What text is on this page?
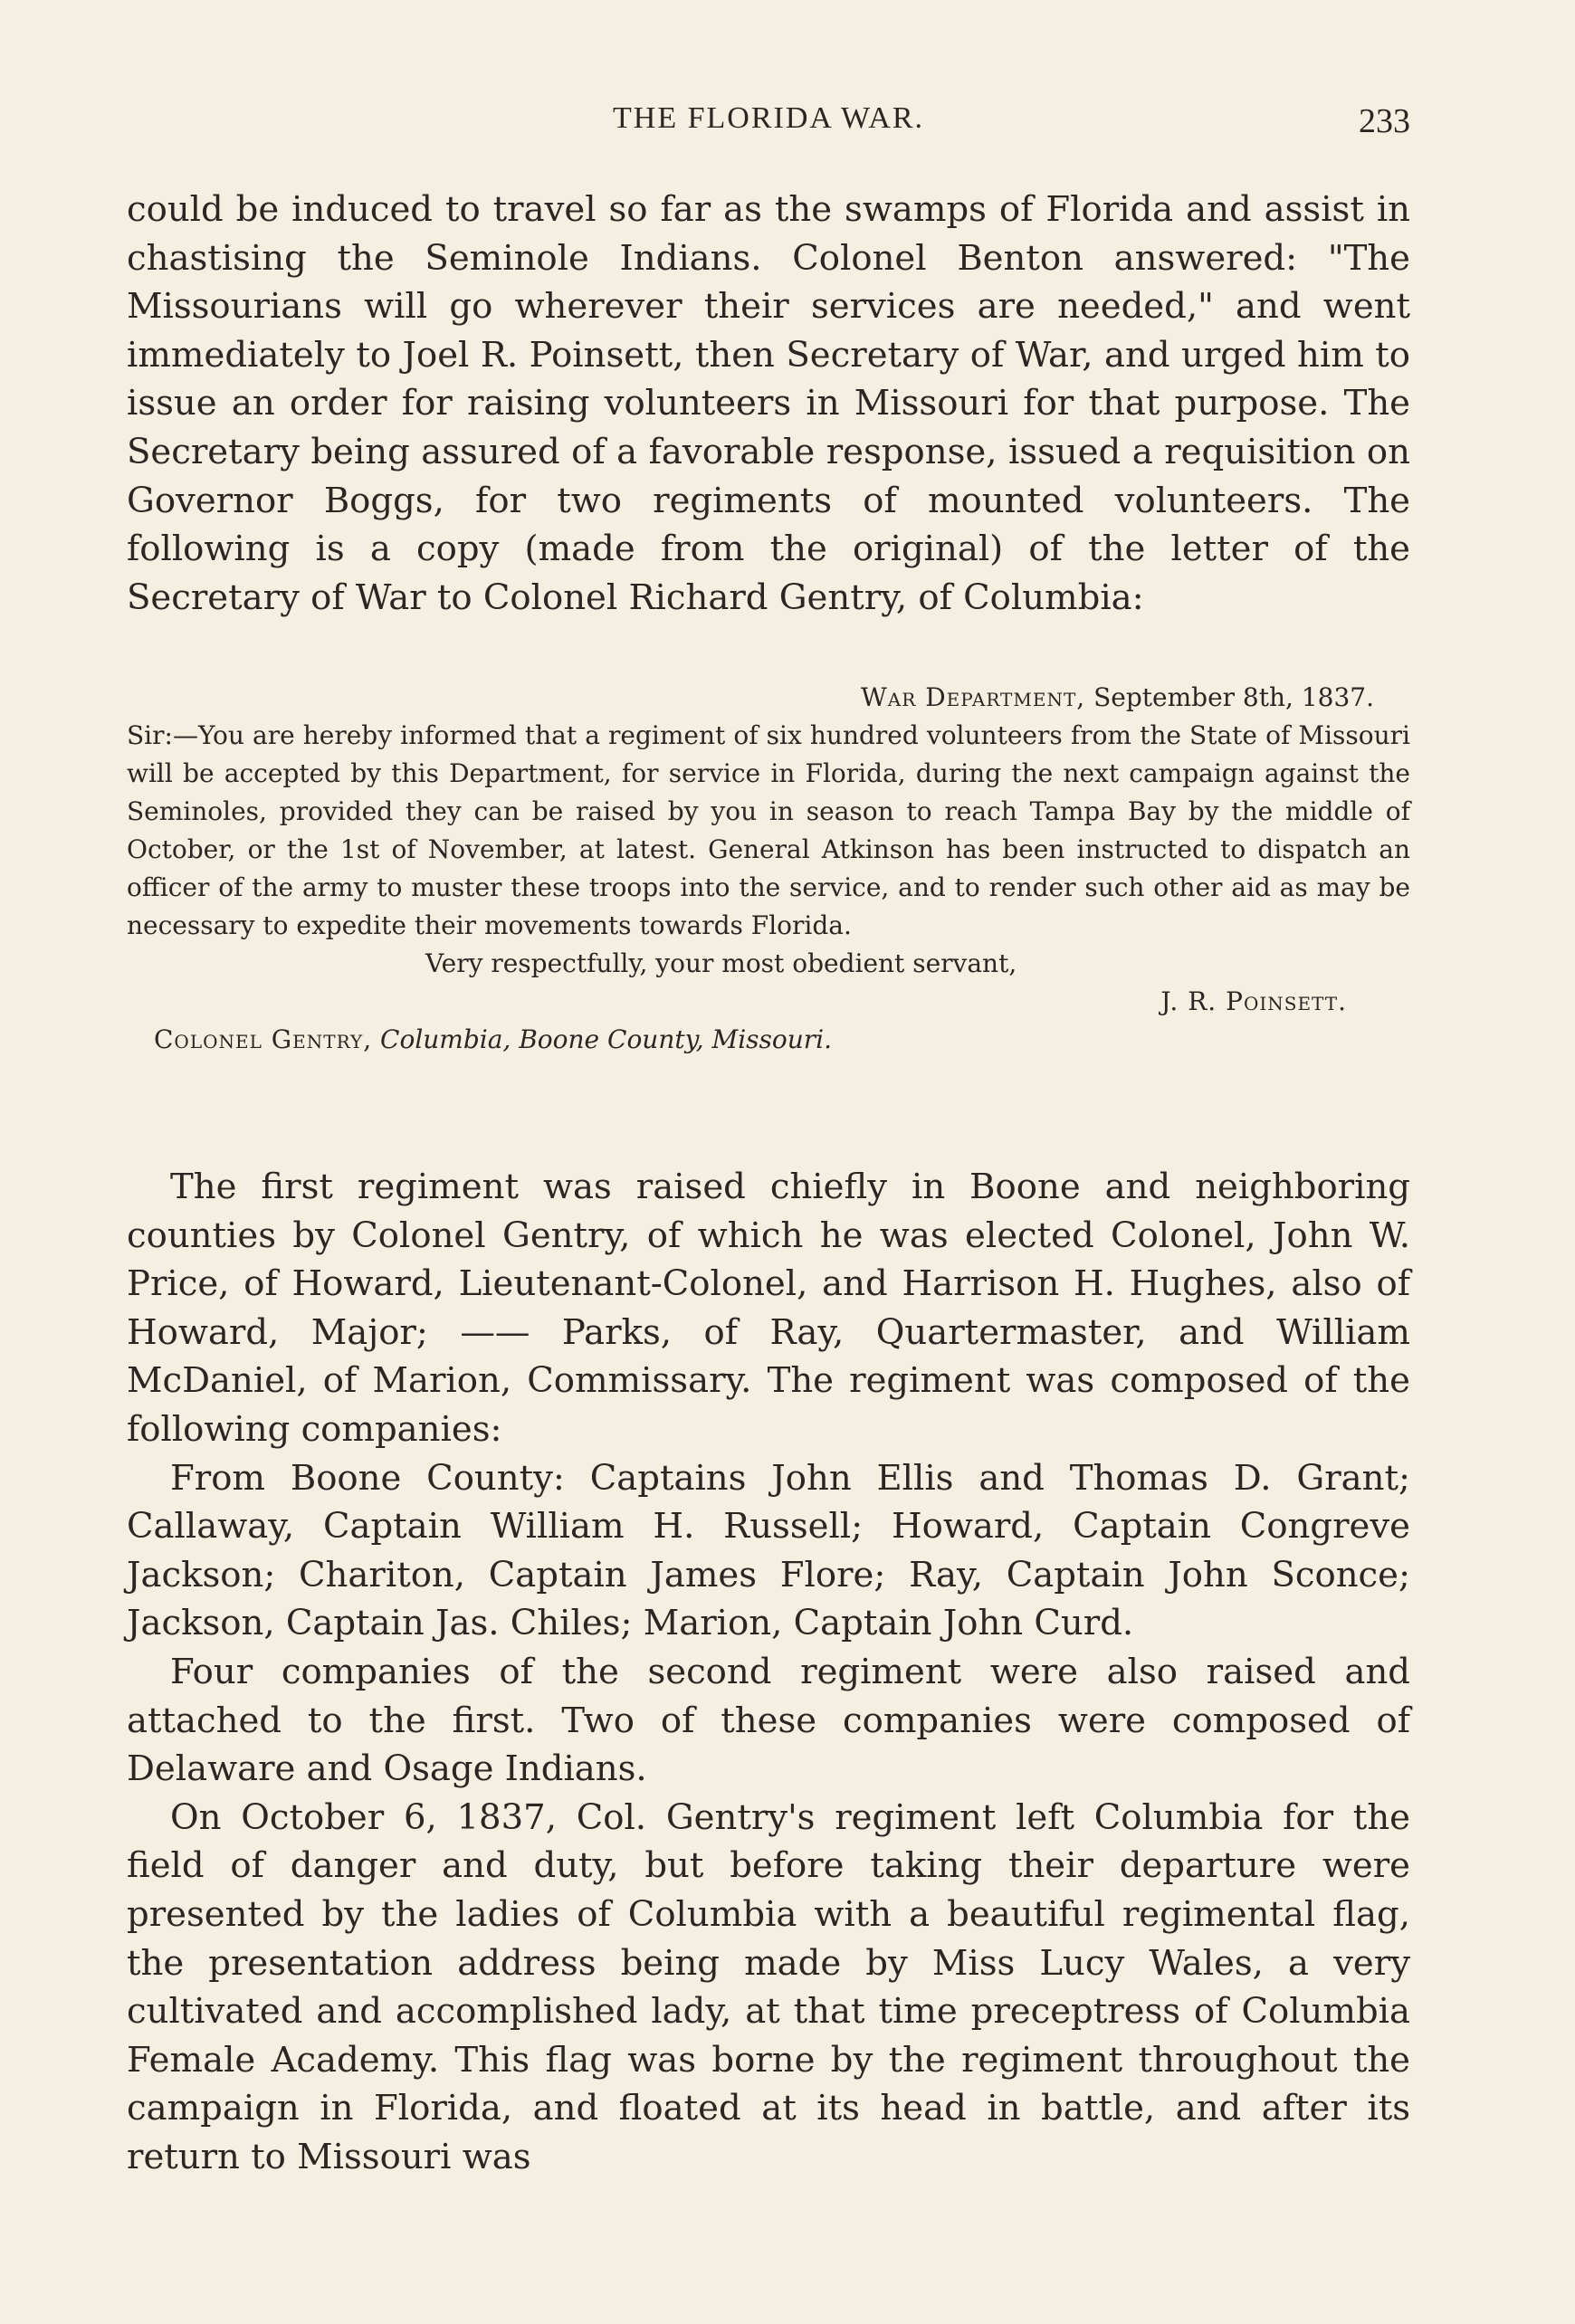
THE FLORIDA WAR.	233

could be induced to travel so far as the swamps of Florida and assist in chastising the Seminole Indians. Colonel Benton answered: "The Missourians will go wherever their services are needed," and went immediately to Joel R. Poinsett, then Secretary of War, and urged him to issue an order for raising volunteers in Missouri for that purpose. The Secretary being assured of a favorable response, issued a requisition on Governor Boggs, for two regiments of mounted volunteers. The following is a copy (made from the original) of the letter of the Secretary of War to Colonel Richard Gentry, of Columbia:

War Department, September 8th, 1837.

Sir:—You are hereby informed that a regiment of six hundred volunteers from the State of Missouri will be accepted by this Department, for service in Florida, during the next campaign against the Seminoles, provided they can be raised by you in season to reach Tampa Bay by the middle of October, or the 1st of November, at latest. General Atkinson has been instructed to dispatch an officer of the army to muster these troops into the service, and to render such other aid as may be necessary to expedite their movements towards Florida.

Very respectfully, your most obedient servant,

J. R. Poinsett.

Colonel Gentry, Columbia, Boone County, Missouri.

The first regiment was raised chiefly in Boone and neighboring counties by Colonel Gentry, of which he was elected Colonel, John W. Price, of Howard, Lieutenant-Colonel, and Harrison H. Hughes, also of Howard, Major; —— Parks, of Ray, Quartermaster, and William McDaniel, of Marion, Commissary. The regiment was composed of the following companies:

From Boone County: Captains John Ellis and Thomas D. Grant; Callaway, Captain William H. Russell; Howard, Captain Congreve Jackson; Chariton, Captain James Flore; Ray, Captain John Sconce; Jackson, Captain Jas. Chiles; Marion, Captain John Curd.

Four companies of the second regiment were also raised and attached to the first. Two of these companies were composed of Delaware and Osage Indians.

On October 6, 1837, Col. Gentry's regiment left Columbia for the field of danger and duty, but before taking their departure were presented by the ladies of Columbia with a beautiful regimental flag, the presentation address being made by Miss Lucy Wales, a very cultivated and accomplished lady, at that time preceptress of Columbia Female Academy. This flag was borne by the regiment throughout the campaign in Florida, and floated at its head in battle, and after its return to Missouri was
